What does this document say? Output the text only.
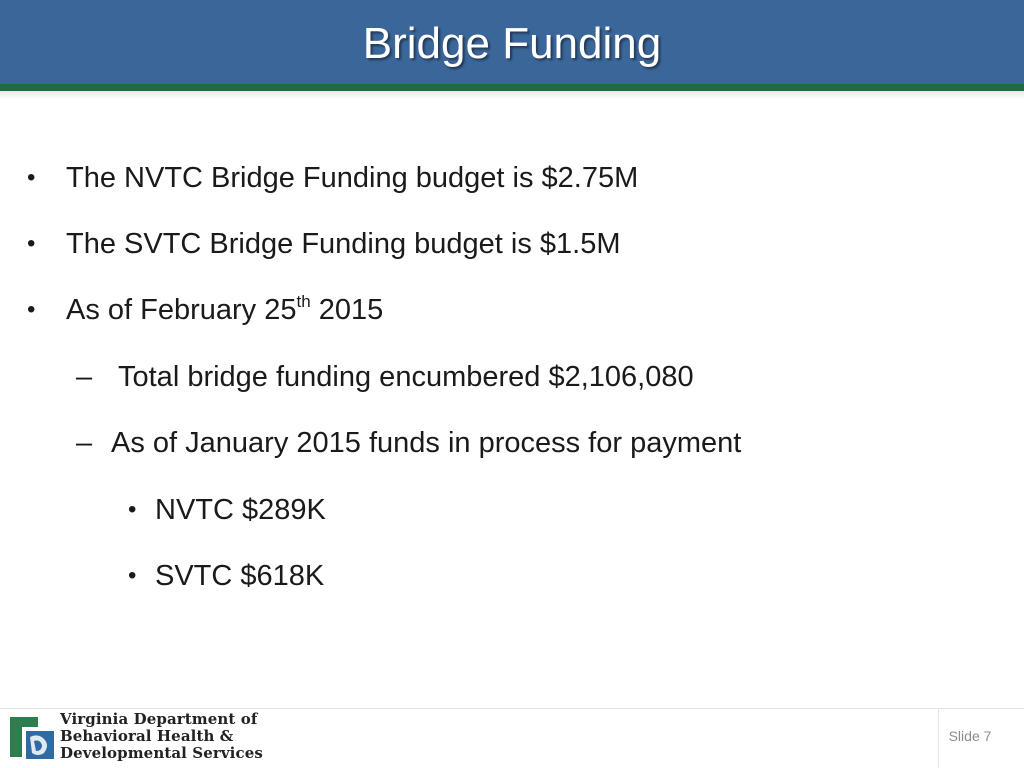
Bridge Funding
• The NVTC Bridge Funding budget is $2.75M
• The SVTC Bridge Funding budget is $1.5M
• As of February 25th 2015
– Total bridge funding encumbered $2,106,080
– As of January 2015 funds in process for payment
• NVTC $289K
• SVTC $618K
Virginia Department of
Behavioral Health &
Developmental Services
Slide 7
